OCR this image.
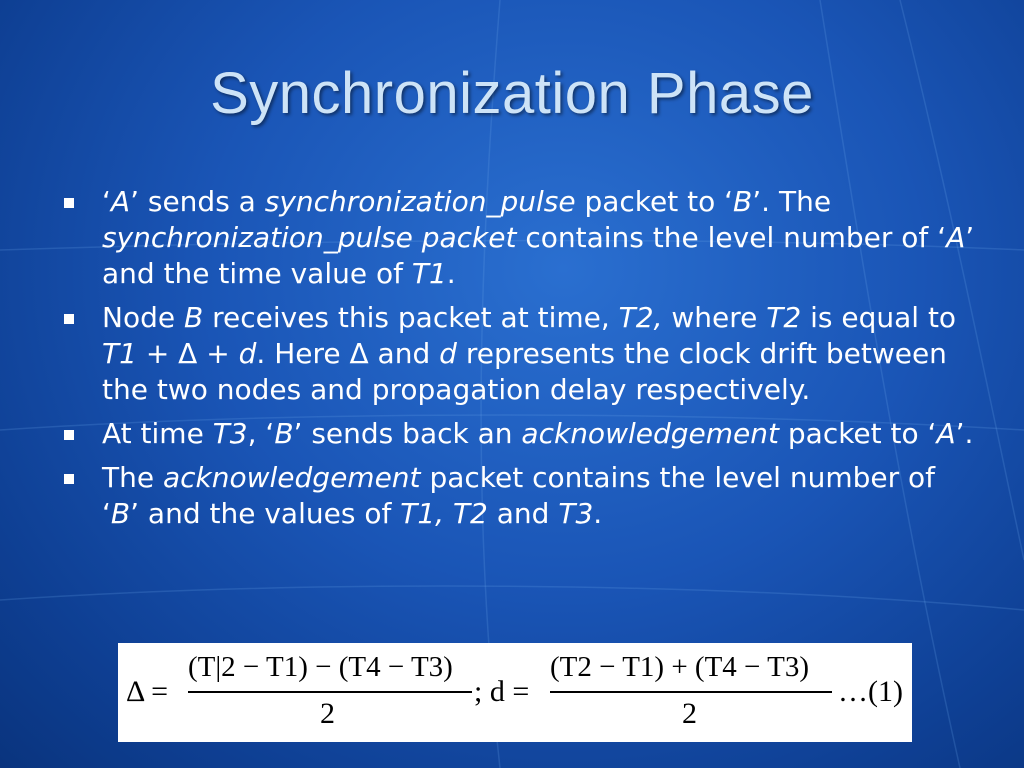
Synchronization Phase
‘A’ sends a synchronization_pulse packet to ‘B’. The synchronization_pulse packet contains the level number of ‘A’ and the time value of T1.
Node B receives this packet at time, T2, where T2 is equal to T1 + Δ + d. Here Δ and d represents the clock drift between the two nodes and propagation delay respectively.
At time T3, ‘B’ sends back an acknowledgement packet to ‘A’.
The acknowledgement packet contains the level number of ‘B’ and the values of T1, T2 and T3.
Δ =
(T|2 − T1) − (T4 − T3)
2
; d =
(T2 − T1) + (T4 − T3)
2
…(1)
